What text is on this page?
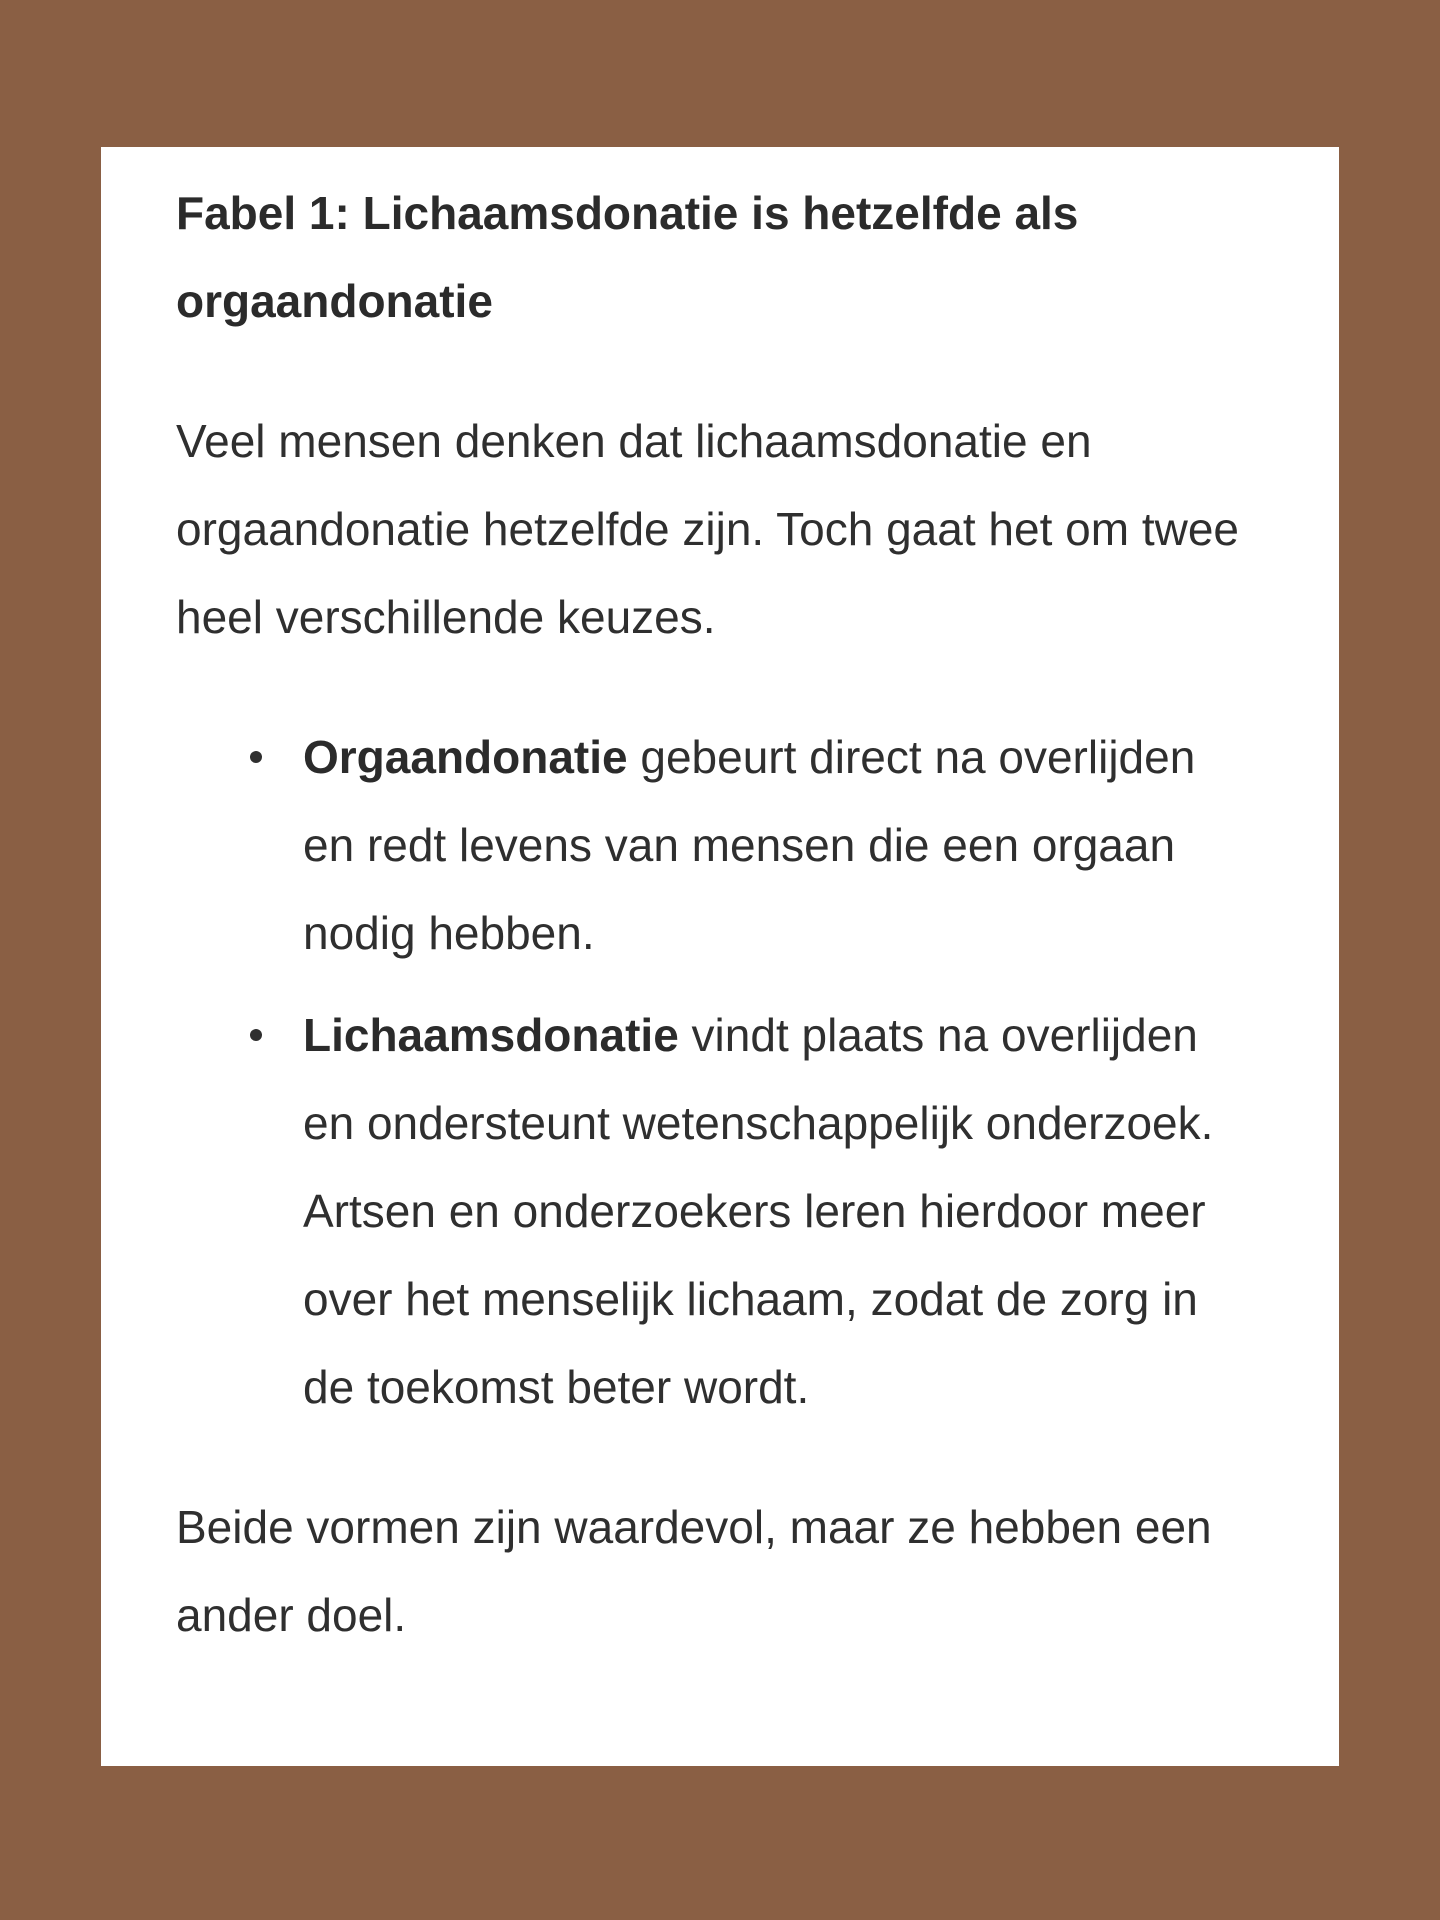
Fabel 1: Lichaamsdonatie is hetzelfde als orgaandonatie

Veel mensen denken dat lichaamsdonatie en orgaandonatie hetzelfde zijn. Toch gaat het om twee heel verschillende keuzes.

Orgaandonatie gebeurt direct na overlijden en redt levens van mensen die een orgaan nodig hebben.
Lichaamsdonatie vindt plaats na overlijden en ondersteunt wetenschappelijk onderzoek. Artsen en onderzoekers leren hierdoor meer over het menselijk lichaam, zodat de zorg in de toekomst beter wordt.

Beide vormen zijn waardevol, maar ze hebben een ander doel.
